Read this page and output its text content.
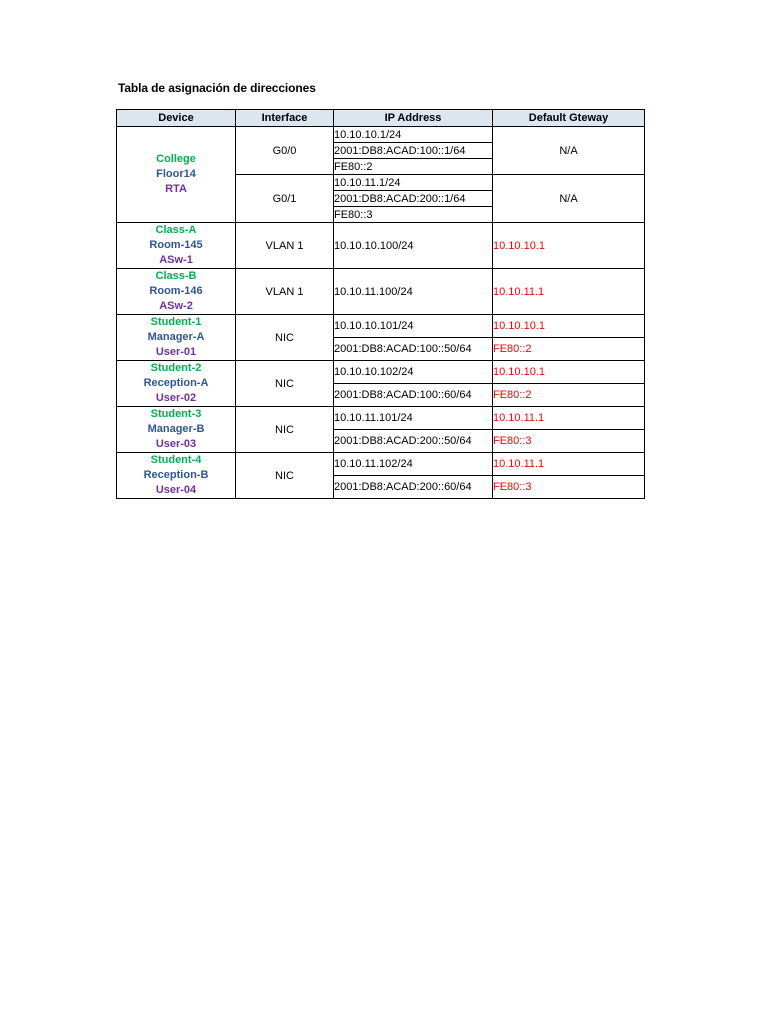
Tabla de asignación de direcciones
Device	Interface	IP Address	Default Gteway

College
Floor14
RTA	G0/0	10.10.10.1/24	N/A
		2001:DB8:ACAD:100::1/64	
		FE80::2	
	G0/1	10.10.11.1/24	N/A
		2001:DB8:ACAD:200::1/64	
		FE80::3	

Class-A
Room-145
ASw-1	VLAN 1	10.10.10.100/24	10.10.10.1

Class-B
Room-146
ASw-2	VLAN 1	10.10.11.100/24	10.10.11.1

Student-1
Manager-A
User-01	NIC	10.10.10.101/24	10.10.10.1
		2001:DB8:ACAD:100::50/64	FE80::2

Student-2
Reception-A
User-02	NIC	10.10.10.102/24	10.10.10.1
		2001:DB8:ACAD:100::60/64	FE80::2

Student-3
Manager-B
User-03	NIC	10.10.11.101/24	10.10.11.1
		2001:DB8:ACAD:200::50/64	FE80::3

Student-4
Reception-B
User-04	NIC	10.10.11.102/24	10.10.11.1
		2001:DB8:ACAD:200::60/64	FE80::3
